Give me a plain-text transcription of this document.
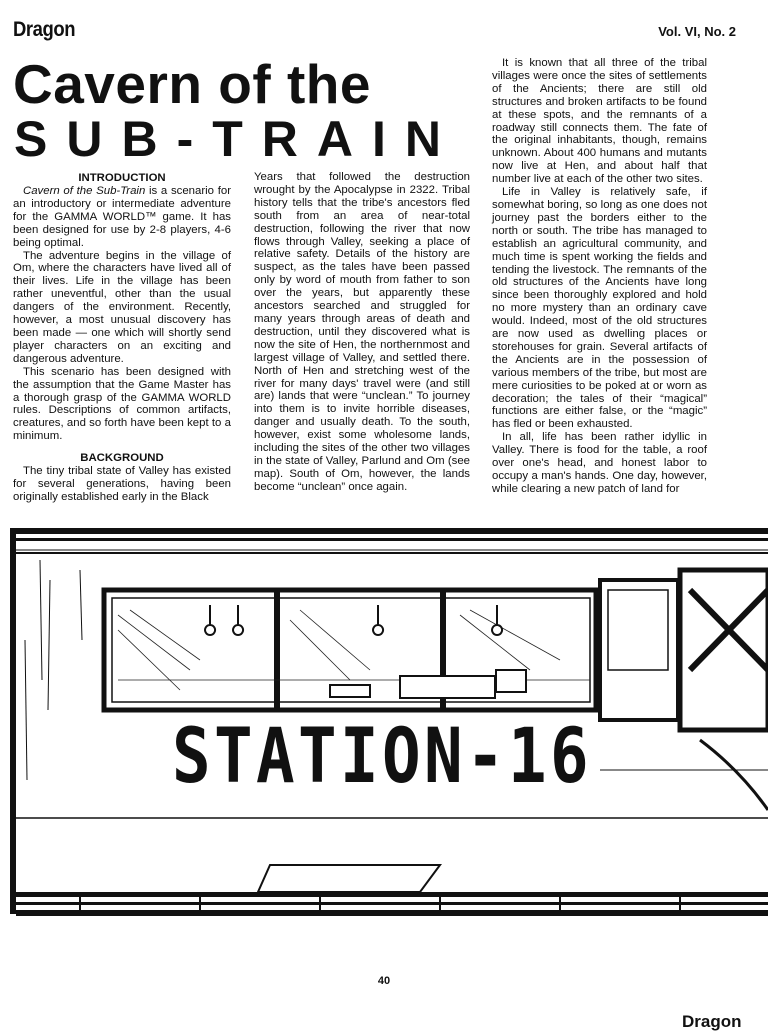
Dragon	Vol. VI, No. 2
Cavern of the
SUB-TRAIN
INTRODUCTION

Cavern of the Sub-Train is a scenario for an introductory or intermediate adventure for the GAMMA WORLD™ game. It has been designed for use by 2-8 players, 4-6 being optimal.

The adventure begins in the village of Om, where the characters have lived all of their lives. Life in the village has been rather uneventful, other than the usual dangers of the environment. Recently, however, a most unusual discovery has been made — one which will shortly send player characters on an exciting and dangerous adventure.

This scenario has been designed with the assumption that the Game Master has a thorough grasp of the GAMMA WORLD rules. Descriptions of common artifacts, creatures, and so forth have been kept to a minimum.

BACKGROUND

The tiny tribal state of Valley has existed for several generations, having been originally established early in the Black

Years that followed the destruction wrought by the Apocalypse in 2322. Tribal history tells that the tribe's ancestors fled south from an area of near-total destruction, following the river that now flows through Valley, seeking a place of relative safety. Details of the history are suspect, as the tales have been passed only by word of mouth from father to son over the years, but apparently these ancestors searched and struggled for many years through areas of death and destruction, until they discovered what is now the site of Hen, the northernmost and largest village of Valley, and settled there. North of Hen and stretching west of the river for many days' travel were (and still are) lands that were “unclean.” To journey into them is to invite horrible diseases, danger and usually death. To the south, however, exist some wholesome lands, including the sites of the other two villages in the state of Valley, Parlund and Om (see map). South of Om, however, the lands become “unclean” once again.

It is known that all three of the tribal villages were once the sites of settlements of the Ancients; there are still old structures and broken artifacts to be found at these spots, and the remnants of a roadway still connects them. The fate of the original inhabitants, though, remains unknown. About 400 humans and mutants now live at Hen, and about half that number live at each of the other two sites.

Life in Valley is relatively safe, if somewhat boring, so long as one does not journey past the borders either to the north or south. The tribe has managed to establish an agricultural community, and much time is spent working the fields and tending the livestock. The remnants of the old structures of the Ancients have long since been thoroughly explored and hold no more mystery than an ordinary cave would. Indeed, most of the old structures are now used as dwelling places or storehouses for grain. Several artifacts of the Ancients are in the possession of various members of the tribe, but most are mere curiosities to be poked at or worn as decoration; the tales of their “magical” functions are either false, or the “magic” has fled or been exhausted.

In all, life has been rather idyllic in Valley. There is food for the table, a roof over one's head, and honest labor to occupy a man's hands. One day, however, while clearing a new patch of land for

STATION-16
40
Dragon
